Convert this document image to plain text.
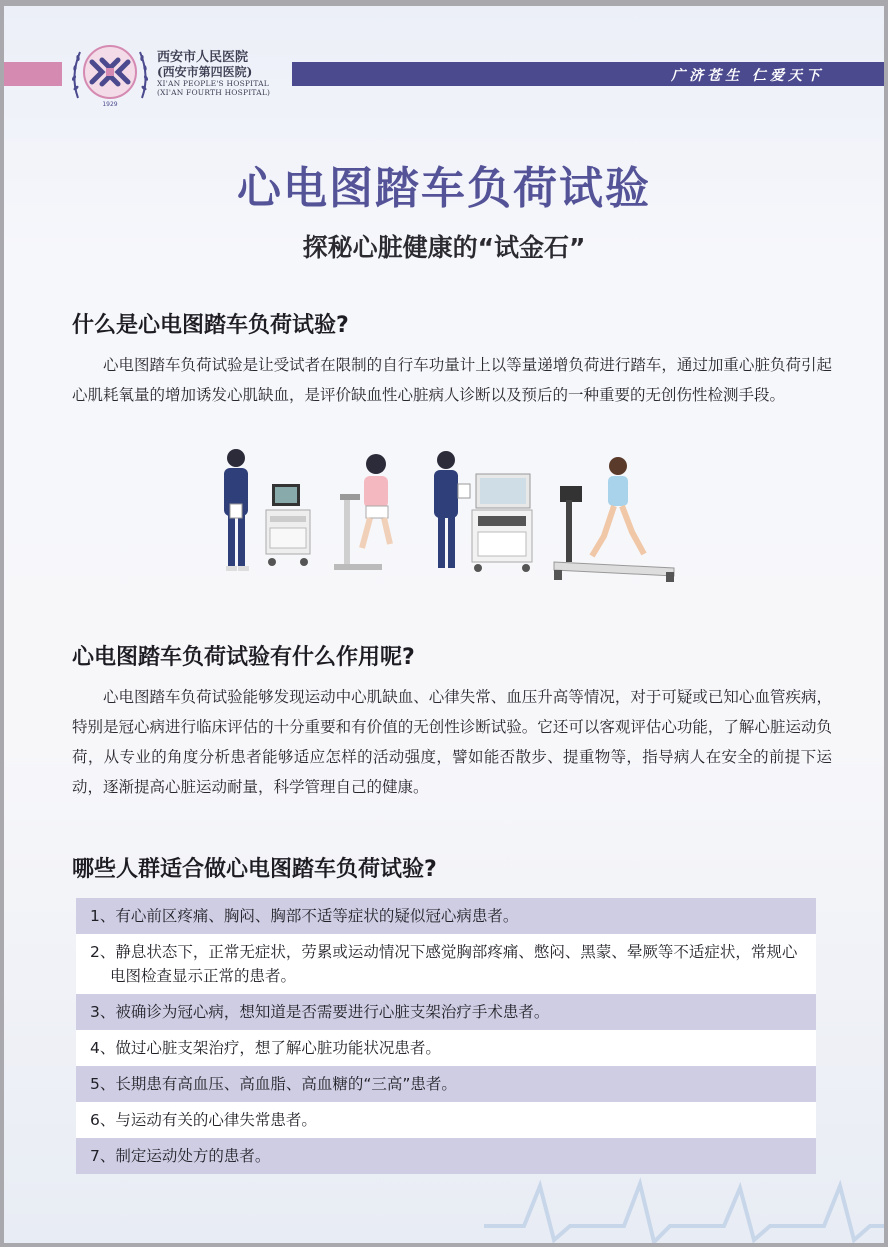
广济苍生 仁爱天下
1929
西安市人民医院
(西安市第四医院)
XI'AN PEOPLE'S HOSPITAL
(XI'AN FOURTH HOSPITAL)
心电图踏车负荷试验
探秘心脏健康的“试金石”
什么是心电图踏车负荷试验?
心电图踏车负荷试验是让受试者在限制的自行车功量计上以等量递增负荷进行踏车，通过加重心脏负荷引起心肌耗氧量的增加诱发心肌缺血，是评价缺血性心脏病人诊断以及预后的一种重要的无创伤性检测手段。
心电图踏车负荷试验有什么作用呢?
心电图踏车负荷试验能够发现运动中心肌缺血、心律失常、血压升高等情况，对于可疑或已知心血管疾病，特别是冠心病进行临床评估的十分重要和有价值的无创性诊断试验。它还可以客观评估心功能，了解心脏运动负荷，从专业的角度分析患者能够适应怎样的活动强度，譬如能否散步、提重物等，指导病人在安全的前提下运动，逐渐提高心脏运动耐量，科学管理自己的健康。
哪些人群适合做心电图踏车负荷试验?
1、有心前区疼痛、胸闷、胸部不适等症状的疑似冠心病患者。
2、静息状态下，正常无症状，劳累或运动情况下感觉胸部疼痛、憋闷、黑蒙、晕厥等不适症状，常规心电图检查显示正常的患者。
3、被确诊为冠心病，想知道是否需要进行心脏支架治疗手术患者。
4、做过心脏支架治疗，想了解心脏功能状况患者。
5、长期患有高血压、高血脂、高血糖的“三高”患者。
6、与运动有关的心律失常患者。
7、制定运动处方的患者。
